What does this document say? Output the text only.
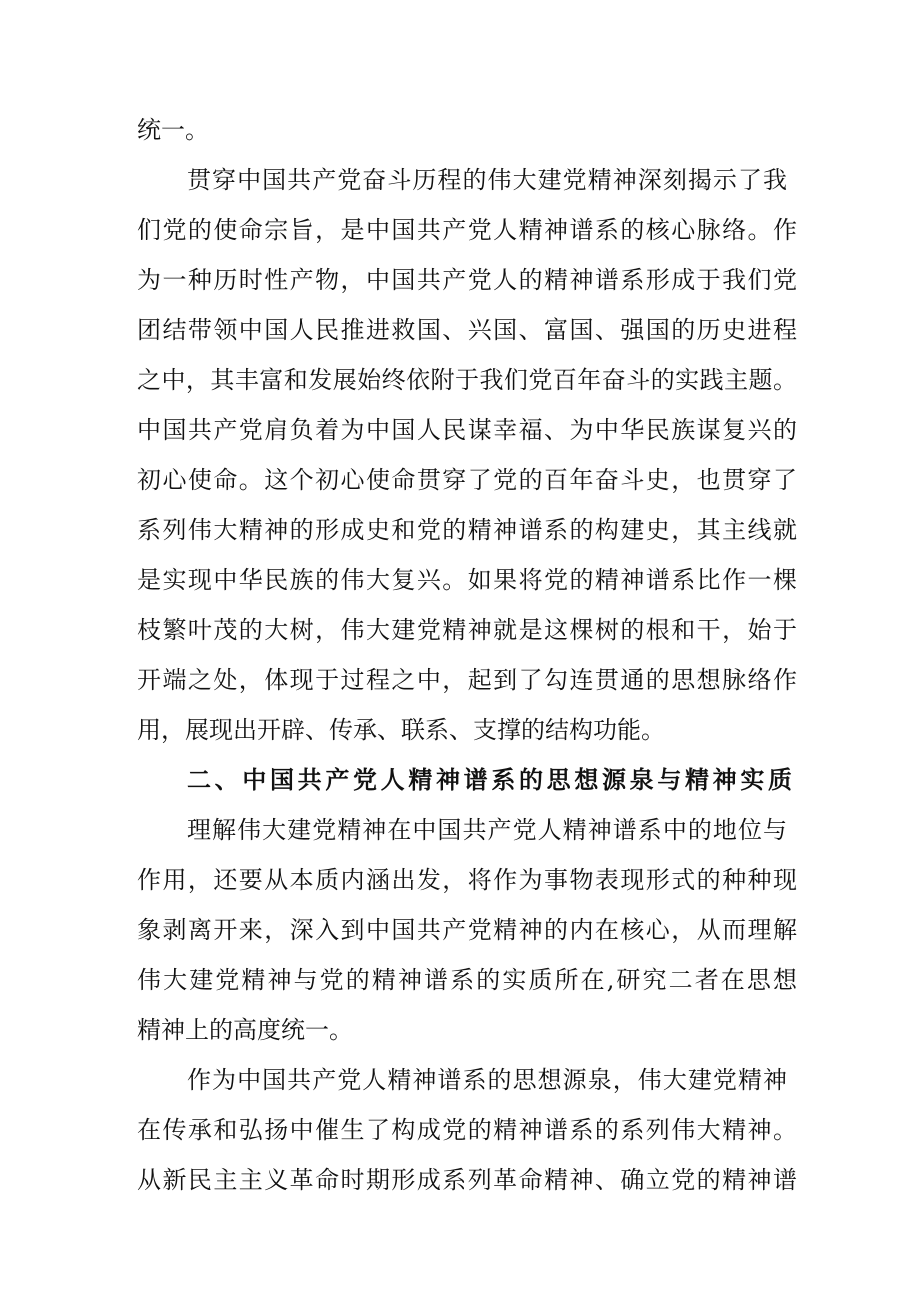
统一。
贯穿中国共产党奋斗历程的伟大建党精神深刻揭示了我
们党的使命宗旨，是中国共产党人精神谱系的核心脉络。作
为一种历时性产物，中国共产党人的精神谱系形成于我们党
团结带领中国人民推进救国、兴国、富国、强国的历史进程
之中，其丰富和发展始终依附于我们党百年奋斗的实践主题。
中国共产党肩负着为中国人民谋幸福、为中华民族谋复兴的
初心使命。这个初心使命贯穿了党的百年奋斗史，也贯穿了
系列伟大精神的形成史和党的精神谱系的构建史，其主线就
是实现中华民族的伟大复兴。如果将党的精神谱系比作一棵
枝繁叶茂的大树，伟大建党精神就是这棵树的根和干，始于
开端之处，体现于过程之中，起到了勾连贯通的思想脉络作
用，展现出开辟、传承、联系、支撑的结构功能。
二、中国共产党人精神谱系的思想源泉与精神实质
理解伟大建党精神在中国共产党人精神谱系中的地位与
作用，还要从本质内涵出发，将作为事物表现形式的种种现
象剥离开来，深入到中国共产党精神的内在核心，从而理解
伟大建党精神与党的精神谱系的实质所在,研究二者在思想
精神上的高度统一。
作为中国共产党人精神谱系的思想源泉，伟大建党精神
在传承和弘扬中催生了构成党的精神谱系的系列伟大精神。
从新民主主义革命时期形成系列革命精神、确立党的精神谱
